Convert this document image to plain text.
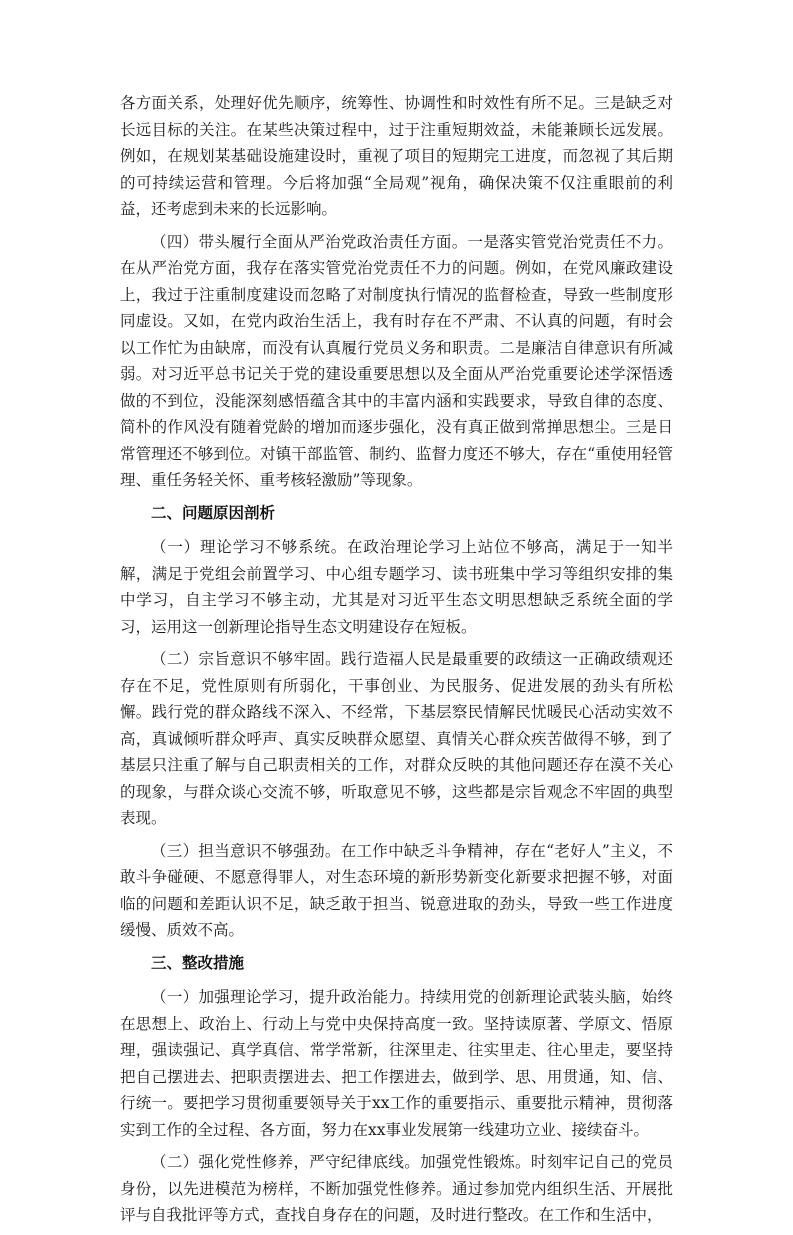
各方面关系，处理好优先顺序，统筹性、协调性和时效性有所不足。三是缺乏对长远目标的关注。在某些决策过程中，过于注重短期效益，未能兼顾长远发展。例如，在规划某基础设施建设时，重视了项目的短期完工进度，而忽视了其后期的可持续运营和管理。今后将加强“全局观”视角，确保决策不仅注重眼前的利益，还考虑到未来的长远影响。

（四）带头履行全面从严治党政治责任方面。一是落实管党治党责任不力。在从严治党方面，我存在落实管党治党责任不力的问题。例如，在党风廉政建设上，我过于注重制度建设而忽略了对制度执行情况的监督检查，导致一些制度形同虚设。又如，在党内政治生活上，我有时存在不严肃、不认真的问题，有时会以工作忙为由缺席，而没有认真履行党员义务和职责。二是廉洁自律意识有所减弱。对习近平总书记关于党的建设重要思想以及全面从严治党重要论述学深悟透做的不到位，没能深刻感悟蕴含其中的丰富内涵和实践要求，导致自律的态度、简朴的作风没有随着党龄的增加而逐步强化，没有真正做到常掸思想尘。三是日常管理还不够到位。对镇干部监管、制约、监督力度还不够大，存在“重使用轻管理、重任务轻关怀、重考核轻激励”等现象。

二、问题原因剖析

（一）理论学习不够系统。在政治理论学习上站位不够高，满足于一知半解，满足于党组会前置学习、中心组专题学习、读书班集中学习等组织安排的集中学习，自主学习不够主动，尤其是对习近平生态文明思想缺乏系统全面的学习，运用这一创新理论指导生态文明建设存在短板。

（二）宗旨意识不够牢固。践行造福人民是最重要的政绩这一正确政绩观还存在不足，党性原则有所弱化，干事创业、为民服务、促进发展的劲头有所松懈。践行党的群众路线不深入、不经常，下基层察民情解民忧暖民心活动实效不高，真诚倾听群众呼声、真实反映群众愿望、真情关心群众疾苦做得不够，到了基层只注重了解与自己职责相关的工作，对群众反映的其他问题还存在漠不关心的现象，与群众谈心交流不够，听取意见不够，这些都是宗旨观念不牢固的典型表现。

（三）担当意识不够强劲。在工作中缺乏斗争精神，存在“老好人”主义，不敢斗争碰硬、不愿意得罪人，对生态环境的新形势新变化新要求把握不够，对面临的问题和差距认识不足，缺乏敢于担当、锐意进取的劲头，导致一些工作进度缓慢、质效不高。

三、整改措施

（一）加强理论学习，提升政治能力。持续用党的创新理论武装头脑，始终在思想上、政治上、行动上与党中央保持高度一致。坚持读原著、学原文、悟原理，强读强记、真学真信、常学常新，往深里走、往实里走、往心里走，要坚持把自己摆进去、把职责摆进去、把工作摆进去，做到学、思、用贯通，知、信、行统一。要把学习贯彻重要领导关于xx工作的重要指示、重要批示精神，贯彻落实到工作的全过程、各方面，努力在xx事业发展第一线建功立业、接续奋斗。

（二）强化党性修养，严守纪律底线。加强党性锻炼。时刻牢记自己的党员身份，以先进模范为榜样，不断加强党性修养。通过参加党内组织生活、开展批评与自我批评等方式，查找自身存在的问题，及时进行整改。在工作和生活中，
